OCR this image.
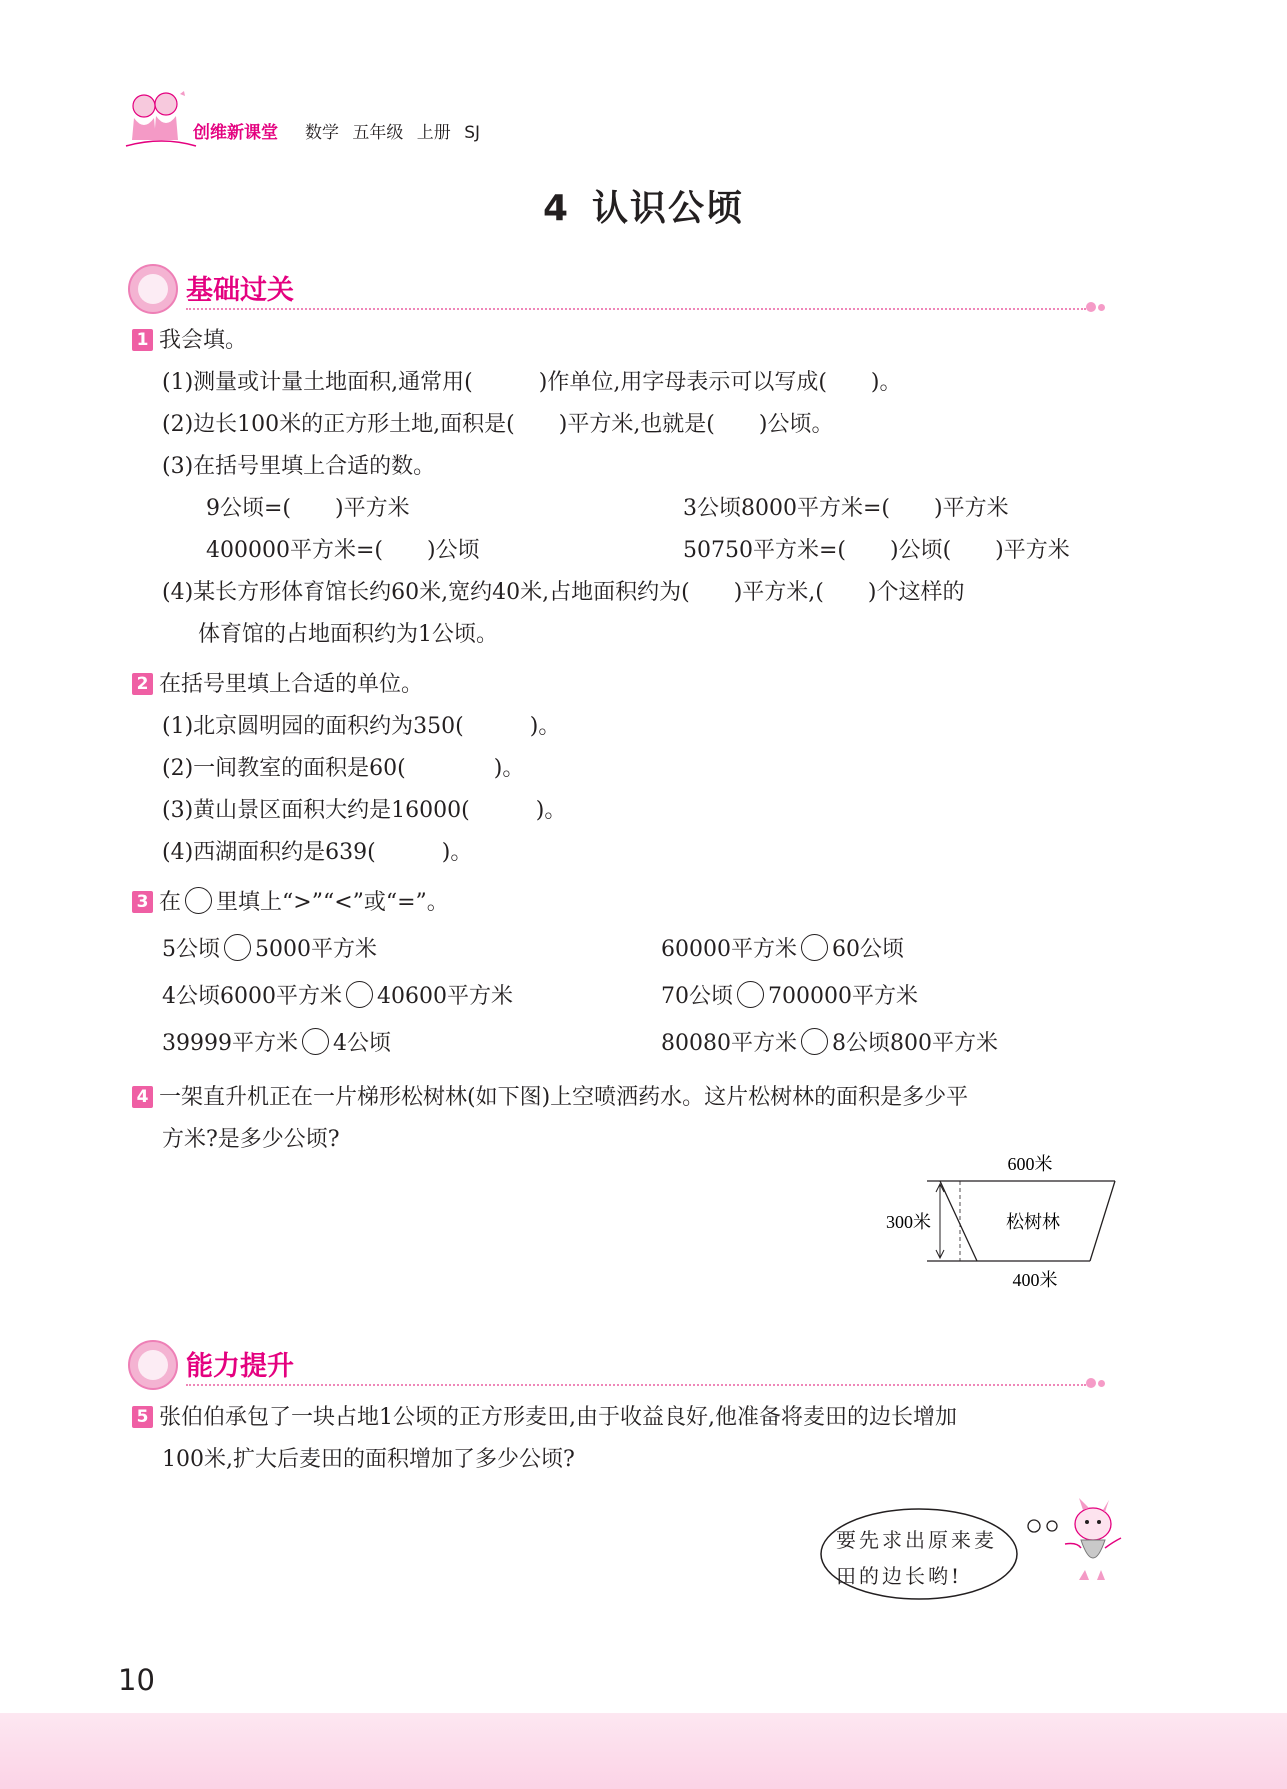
创维新课堂 数学 五年级 上册 SJ
4 认识公顷
基础过关
1 我会填。
(1)测量或计量土地面积,通常用(　　　)作单位,用字母表示可以写成(　　)。
(2)边长100米的正方形土地,面积是(　　)平方米,也就是(　　)公顷。
(3)在括号里填上合适的数。
9公顷=(　　)平方米	3公顷8000平方米=(　　)平方米
400000平方米=(　　)公顷	50750平方米=(　　)公顷(　　)平方米
(4)某长方形体育馆长约60米,宽约40米,占地面积约为(　　)平方米,(　　)个这样的
体育馆的占地面积约为1公顷。
2 在括号里填上合适的单位。
(1)北京圆明园的面积约为350(　　　)。
(2)一间教室的面积是60(　　　　)。
(3)黄山景区面积大约是16000(　　　)。
(4)西湖面积约是639(　　　)。
3 在 里填上“>”“<”或“=”。
5公顷 5000平方米	60000平方米 60公顷
4公顷6000平方米 40600平方米	70公顷 700000平方米
39999平方米 4公顷	80080平方米 8公顷800平方米
4 一架直升机正在一片梯形松树林(如下图)上空喷洒药水。这片松树林的面积是多少平
方米?是多少公顷?
600米
300米	松树林
400米
能力提升
5 张伯伯承包了一块占地1公顷的正方形麦田,由于收益良好,他准备将麦田的边长增加
100米,扩大后麦田的面积增加了多少公顷?
要先求出原来麦
田的边长哟!
10
